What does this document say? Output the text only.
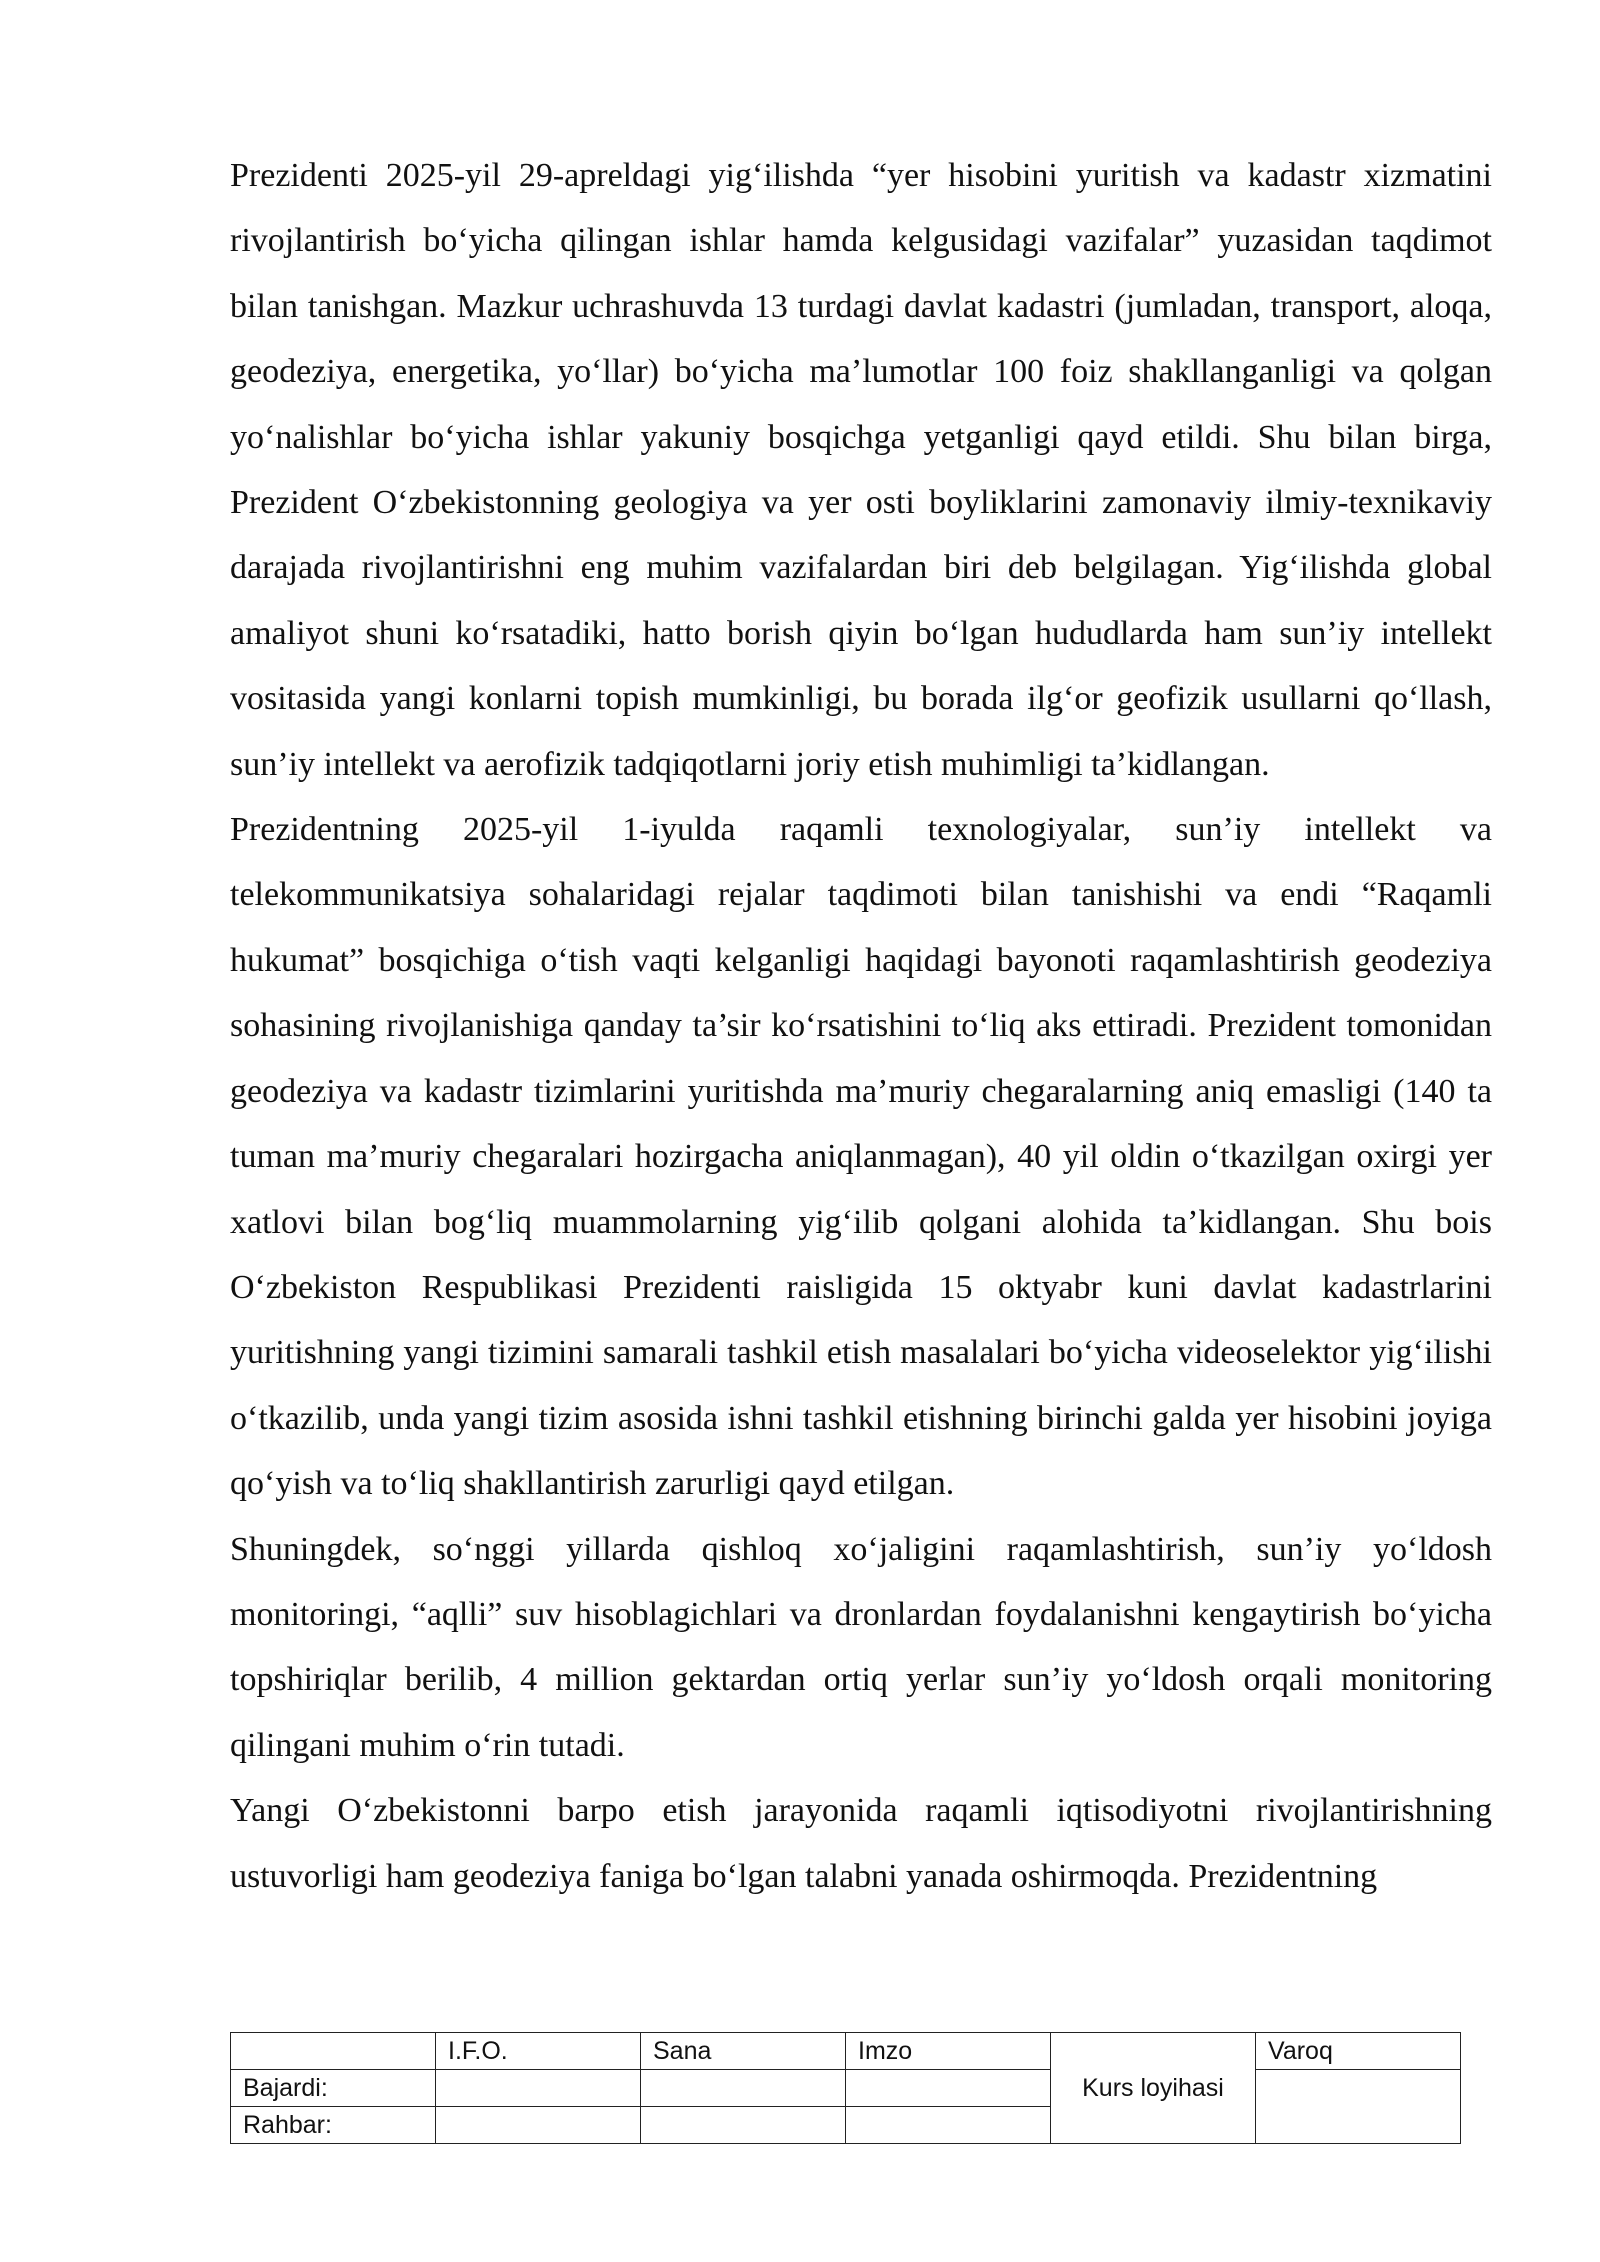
Prezidenti 2025-yil 29-apreldagi yig‘ilishda “yer hisobini yuritish va kadastr xizmatini rivojlantirish bo‘yicha qilingan ishlar hamda kelgusidagi vazifalar” yuzasidan taqdimot bilan tanishgan. Mazkur uchrashuvda 13 turdagi davlat kadastri (jumladan, transport, aloqa, geodeziya, energetika, yo‘llar) bo‘yicha ma’lumotlar 100 foiz shakllanganligi va qolgan yo‘nalishlar bo‘yicha ishlar yakuniy bosqichga yetganligi qayd etildi. Shu bilan birga, Prezident O‘zbekistonning geologiya va yer osti boyliklarini zamonaviy ilmiy-texnikaviy darajada rivojlantirishni eng muhim vazifalardan biri deb belgilagan. Yig‘ilishda global amaliyot shuni ko‘rsatadiki, hatto borish qiyin bo‘lgan hududlarda ham sun’iy intellekt vositasida yangi konlarni topish mumkinligi, bu borada ilg‘or geofizik usullarni qo‘llash, sun’iy intellekt va aerofizik tadqiqotlarni joriy etish muhimligi ta’kidlangan.

Prezidentning 2025-yil 1-iyulda raqamli texnologiyalar, sun’iy intellekt va telekommunikatsiya sohalaridagi rejalar taqdimoti bilan tanishishi va endi “Raqamli hukumat” bosqichiga o‘tish vaqti kelganligi haqidagi bayonoti raqamlashtirish geodeziya sohasining rivojlanishiga qanday ta’sir ko‘rsatishini to‘liq aks ettiradi. Prezident tomonidan geodeziya va kadastr tizimlarini yuritishda ma’muriy chegaralarning aniq emasligi (140 ta tuman ma’muriy chegaralari hozirgacha aniqlanmagan), 40 yil oldin o‘tkazilgan oxirgi yer xatlovi bilan bog‘liq muammolarning yig‘ilib qolgani alohida ta’kidlangan. Shu bois O‘zbekiston Respublikasi Prezidenti raisligida 15 oktyabr kuni davlat kadastrlarini yuritishning yangi tizimini samarali tashkil etish masalalari bo‘yicha videoselektor yig‘ilishi o‘tkazilib, unda yangi tizim asosida ishni tashkil etishning birinchi galda yer hisobini joyiga qo‘yish va to‘liq shakllantirish zarurligi qayd etilgan.

Shuningdek, so‘nggi yillarda qishloq xo‘jaligini raqamlashtirish, sun’iy yo‘ldosh monitoringi, “aqlli” suv hisoblagichlari va dronlardan foydalanishni kengaytirish bo‘yicha topshiriqlar berilib, 4 million gektardan ortiq yerlar sun’iy yo‘ldosh orqali monitoring qilingani muhim o‘rin tutadi.

Yangi O‘zbekistonni barpo etish jarayonida raqamli iqtisodiyotni rivojlantirishning ustuvorligi ham geodeziya faniga bo‘lgan talabni yanada oshirmoqda. Prezidentning

	I.F.O.	Sana	Imzo	Kurs loyihasi	Varoq
Bajardi:					
Rahbar:					
